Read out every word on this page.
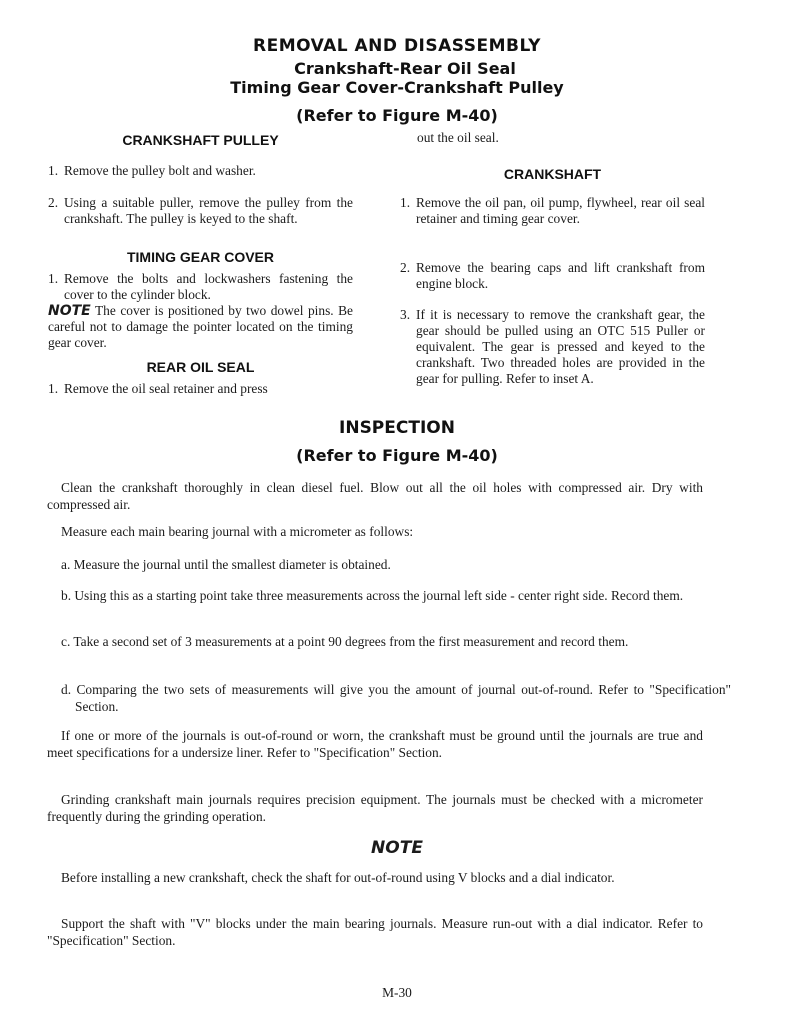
REMOVAL AND DISASSEMBLY
Crankshaft-Rear Oil Seal
Timing Gear Cover-Crankshaft Pulley
(Refer to Figure M-40)
CRANKSHAFT PULLEY
1. Remove the pulley bolt and washer.
2. Using a suitable puller, remove the pulley from the crankshaft. The pulley is keyed to the shaft.
TIMING GEAR COVER
1. Remove the bolts and lockwashers fastening the cover to the cylinder block.
NOTE The cover is positioned by two dowel pins. Be careful not to damage the pointer located on the timing gear cover.
REAR OIL SEAL
1. Remove the oil seal retainer and press
out the oil seal.
CRANKSHAFT
1. Remove the oil pan, oil pump, flywheel, rear oil seal retainer and timing gear cover.
2. Remove the bearing caps and lift crankshaft from engine block.
3. If it is necessary to remove the crankshaft gear, the gear should be pulled using an OTC 515 Puller or equivalent. The gear is pressed and keyed to the crankshaft. Two threaded holes are provided in the gear for pulling. Refer to inset A.
INSPECTION
(Refer to Figure M-40)
Clean the crankshaft thoroughly in clean diesel fuel. Blow out all the oil holes with compressed air. Dry with compressed air.
Measure each main bearing journal with a micrometer as follows:
a. Measure the journal until the smallest diameter is obtained.
b. Using this as a starting point take three measurements across the journal left side - center right side. Record them.
c. Take a second set of 3 measurements at a point 90 degrees from the first measurement and record them.
d. Comparing the two sets of measurements will give you the amount of journal out-of-round. Refer to "Specification" Section.
If one or more of the journals is out-of-round or worn, the crankshaft must be ground until the journals are true and meet specifications for a undersize liner. Refer to "Specification" Section.
Grinding crankshaft main journals requires precision equipment. The journals must be checked with a micrometer frequently during the grinding operation.
NOTE
Before installing a new crankshaft, check the shaft for out-of-round using V blocks and a dial indicator.
Support the shaft with "V" blocks under the main bearing journals. Measure run-out with a dial indicator. Refer to "Specification" Section.
M-30
